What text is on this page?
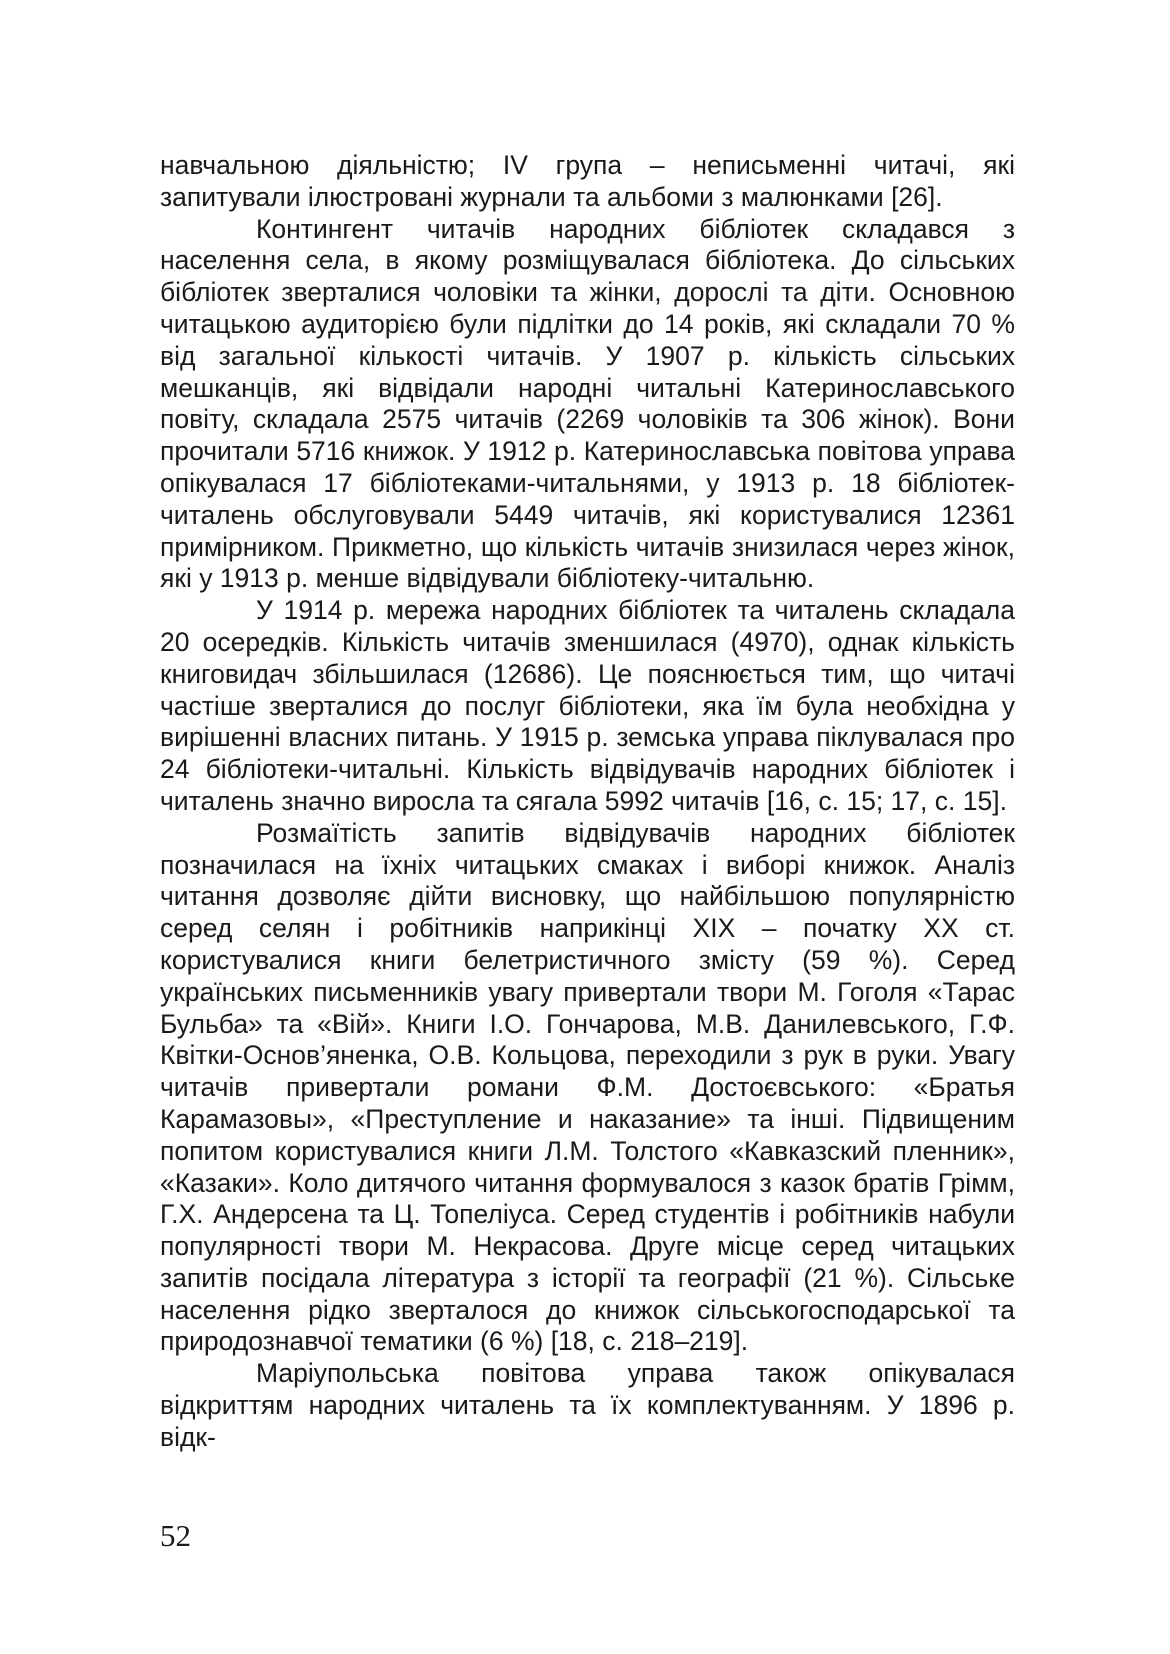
навчальною діяльністю; IV група – неписьменні читачі, які запитували ілюстровані журнали та альбоми з малюнками [26].

Контингент читачів народних бібліотек складався з населення села, в якому розміщувалася бібліотека. До сільських бібліотек зверталися чоловіки та жінки, дорослі та діти. Основною читацькою аудиторією були підлітки до 14 років, які складали 70 % від загальної кількості читачів. У 1907 р. кількість сільських мешканців, які відвідали народні читальні Катеринославського повіту, складала 2575 читачів (2269 чоловіків та 306 жінок). Вони прочитали 5716 книжок. У 1912 р. Катеринославська повітова управа опікувалася 17 бібліотеками-читальнями, у 1913 р. 18 бібліотек-читалень обслуговували 5449 читачів, які користувалися 12361 примірником. Прикметно, що кількість читачів знизилася через жінок, які у 1913 р. менше відвідували бібліотеку-читальню.

У 1914 р. мережа народних бібліотек та читалень складала 20 осередків. Кількість читачів зменшилася (4970), однак кількість книговидач збільшилася (12686). Це пояснюється тим, що читачі частіше зверталися до послуг бібліотеки, яка їм була необхідна у вирішенні власних питань. У 1915 р. земська управа піклувалася про 24 бібліотеки-читальні. Кількість відвідувачів народних бібліотек і читалень значно виросла та сягала 5992 читачів [16, с. 15; 17, с. 15].

Розмаїтість запитів відвідувачів народних бібліотек позначилася на їхніх читацьких смаках і виборі книжок. Аналіз читання дозволяє дійти висновку, що найбільшою популярністю серед селян і робітників наприкінці XIX – початку XX ст. користувалися книги белетристичного змісту (59 %). Серед українських письменників увагу привертали твори М. Гоголя «Тарас Бульба» та «Вій». Книги І.О. Гончарова, М.В. Данилевського, Г.Ф. Квітки-Основ’яненка, О.В. Кольцова, переходили з рук в руки. Увагу читачів привертали романи Ф.М. Достоєвського: «Братья Карамазовы», «Преступление и наказание» та інші. Підвищеним попитом користувалися книги Л.М. Толстого «Кавказский пленник», «Казаки». Коло дитячого читання формувалося з казок братів Грімм, Г.Х. Андерсена та Ц. Топеліуса. Серед студентів і робітників набули популярності твори М. Некрасова. Друге місце серед читацьких запитів посідала література з історії та географії (21 %). Сільське населення рідко зверталося до книжок сільськогосподарської та природознавчої тематики (6 %) [18, с. 218–219].

Маріупольська повітова управа також опікувалася відкриттям народних читалень та їх комплектуванням. У 1896 р. відк-

52
